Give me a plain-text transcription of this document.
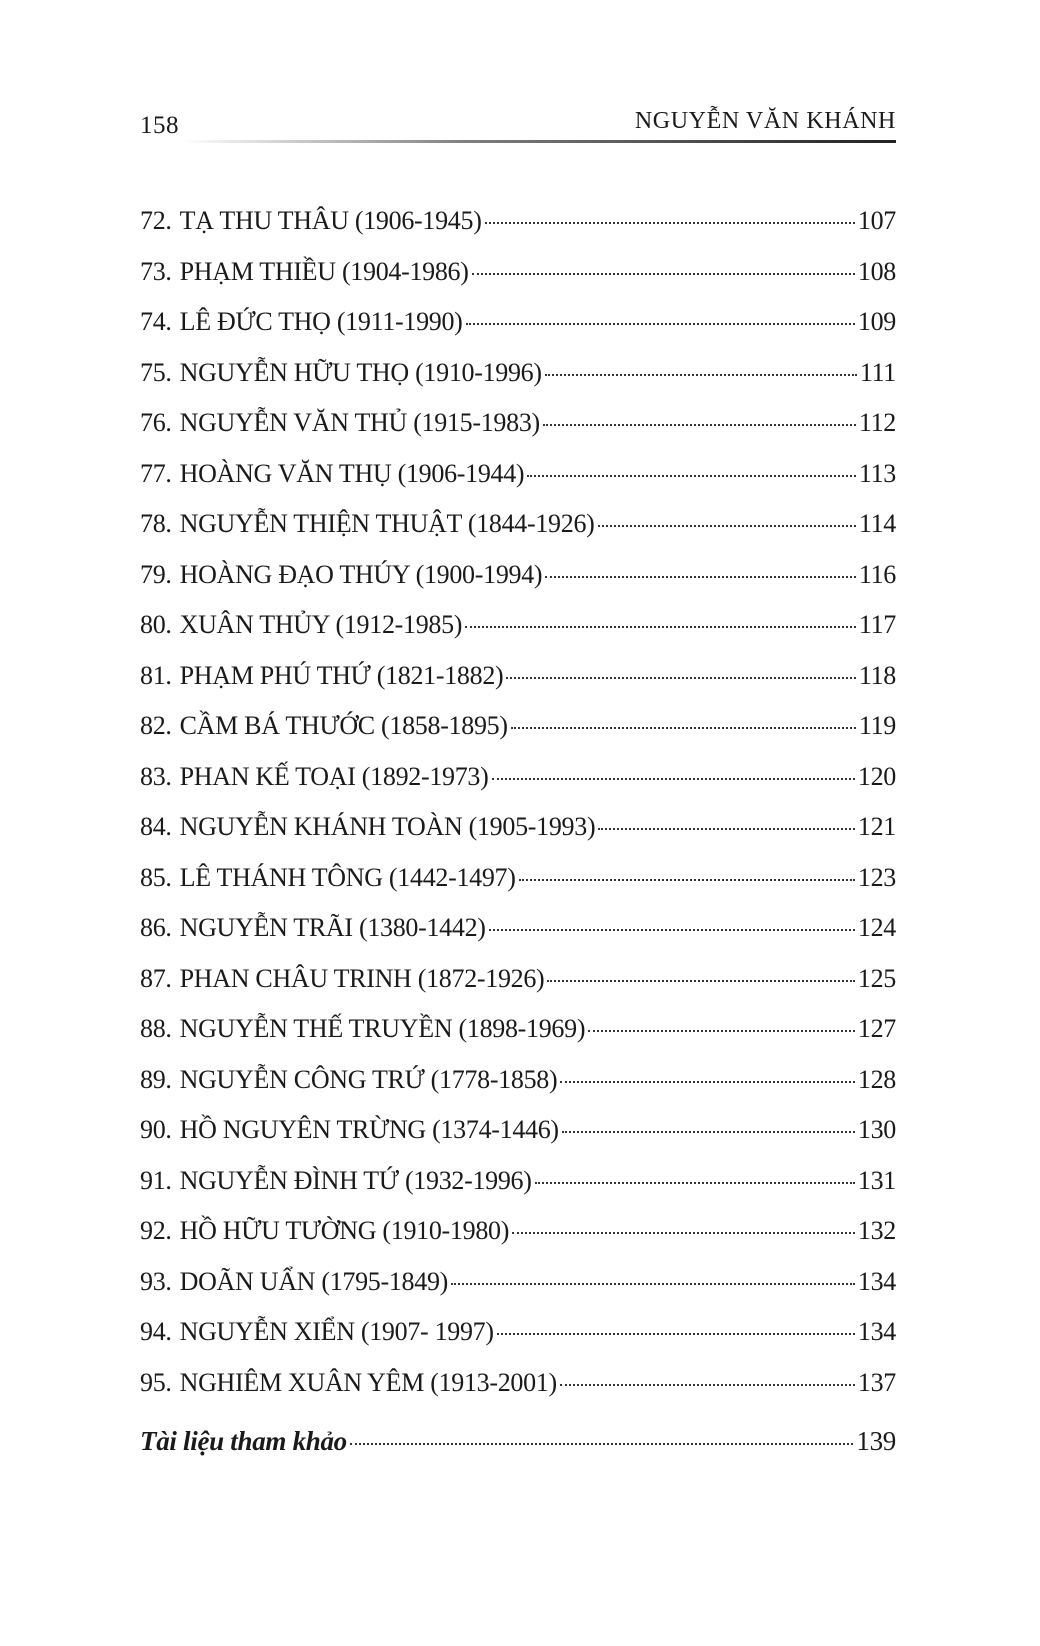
158	NGUYỄN VĂN KHÁNH
72. TẠ THU THÂU (1906-1945)	107
73. PHẠM THIỀU (1904-1986)	108
74. LÊ ĐỨC THỌ (1911-1990)	109
75. NGUYỄN HỮU THỌ (1910-1996)	111
76. NGUYỄN VĂN THỦ (1915-1983)	112
77. HOÀNG VĂN THỤ (1906-1944)	113
78. NGUYỄN THIỆN THUẬT (1844-1926)	114
79. HOÀNG ĐẠO THÚY (1900-1994)	116
80. XUÂN THỦY (1912-1985)	117
81. PHẠM PHÚ THỨ (1821-1882)	118
82. CẦM BÁ THƯỚC (1858-1895)	119
83. PHAN KẾ TOẠI (1892-1973)	120
84. NGUYỄN KHÁNH TOÀN (1905-1993)	121
85. LÊ THÁNH TÔNG (1442-1497)	123
86. NGUYỄN TRÃI (1380-1442)	124
87. PHAN CHÂU TRINH (1872-1926)	125
88. NGUYỄN THẾ TRUYỀN (1898-1969)	127
89. NGUYỄN CÔNG TRỨ (1778-1858)	128
90. HỒ NGUYÊN TRỪNG (1374-1446)	130
91. NGUYỄN ĐÌNH TỨ (1932-1996)	131
92. HỒ HỮU TƯỜNG (1910-1980)	132
93. DOÃN UẨN (1795-1849)	134
94. NGUYỄN XIỂN (1907- 1997)	134
95. NGHIÊM XUÂN YÊM (1913-2001)	137
Tài liệu tham khảo	139
